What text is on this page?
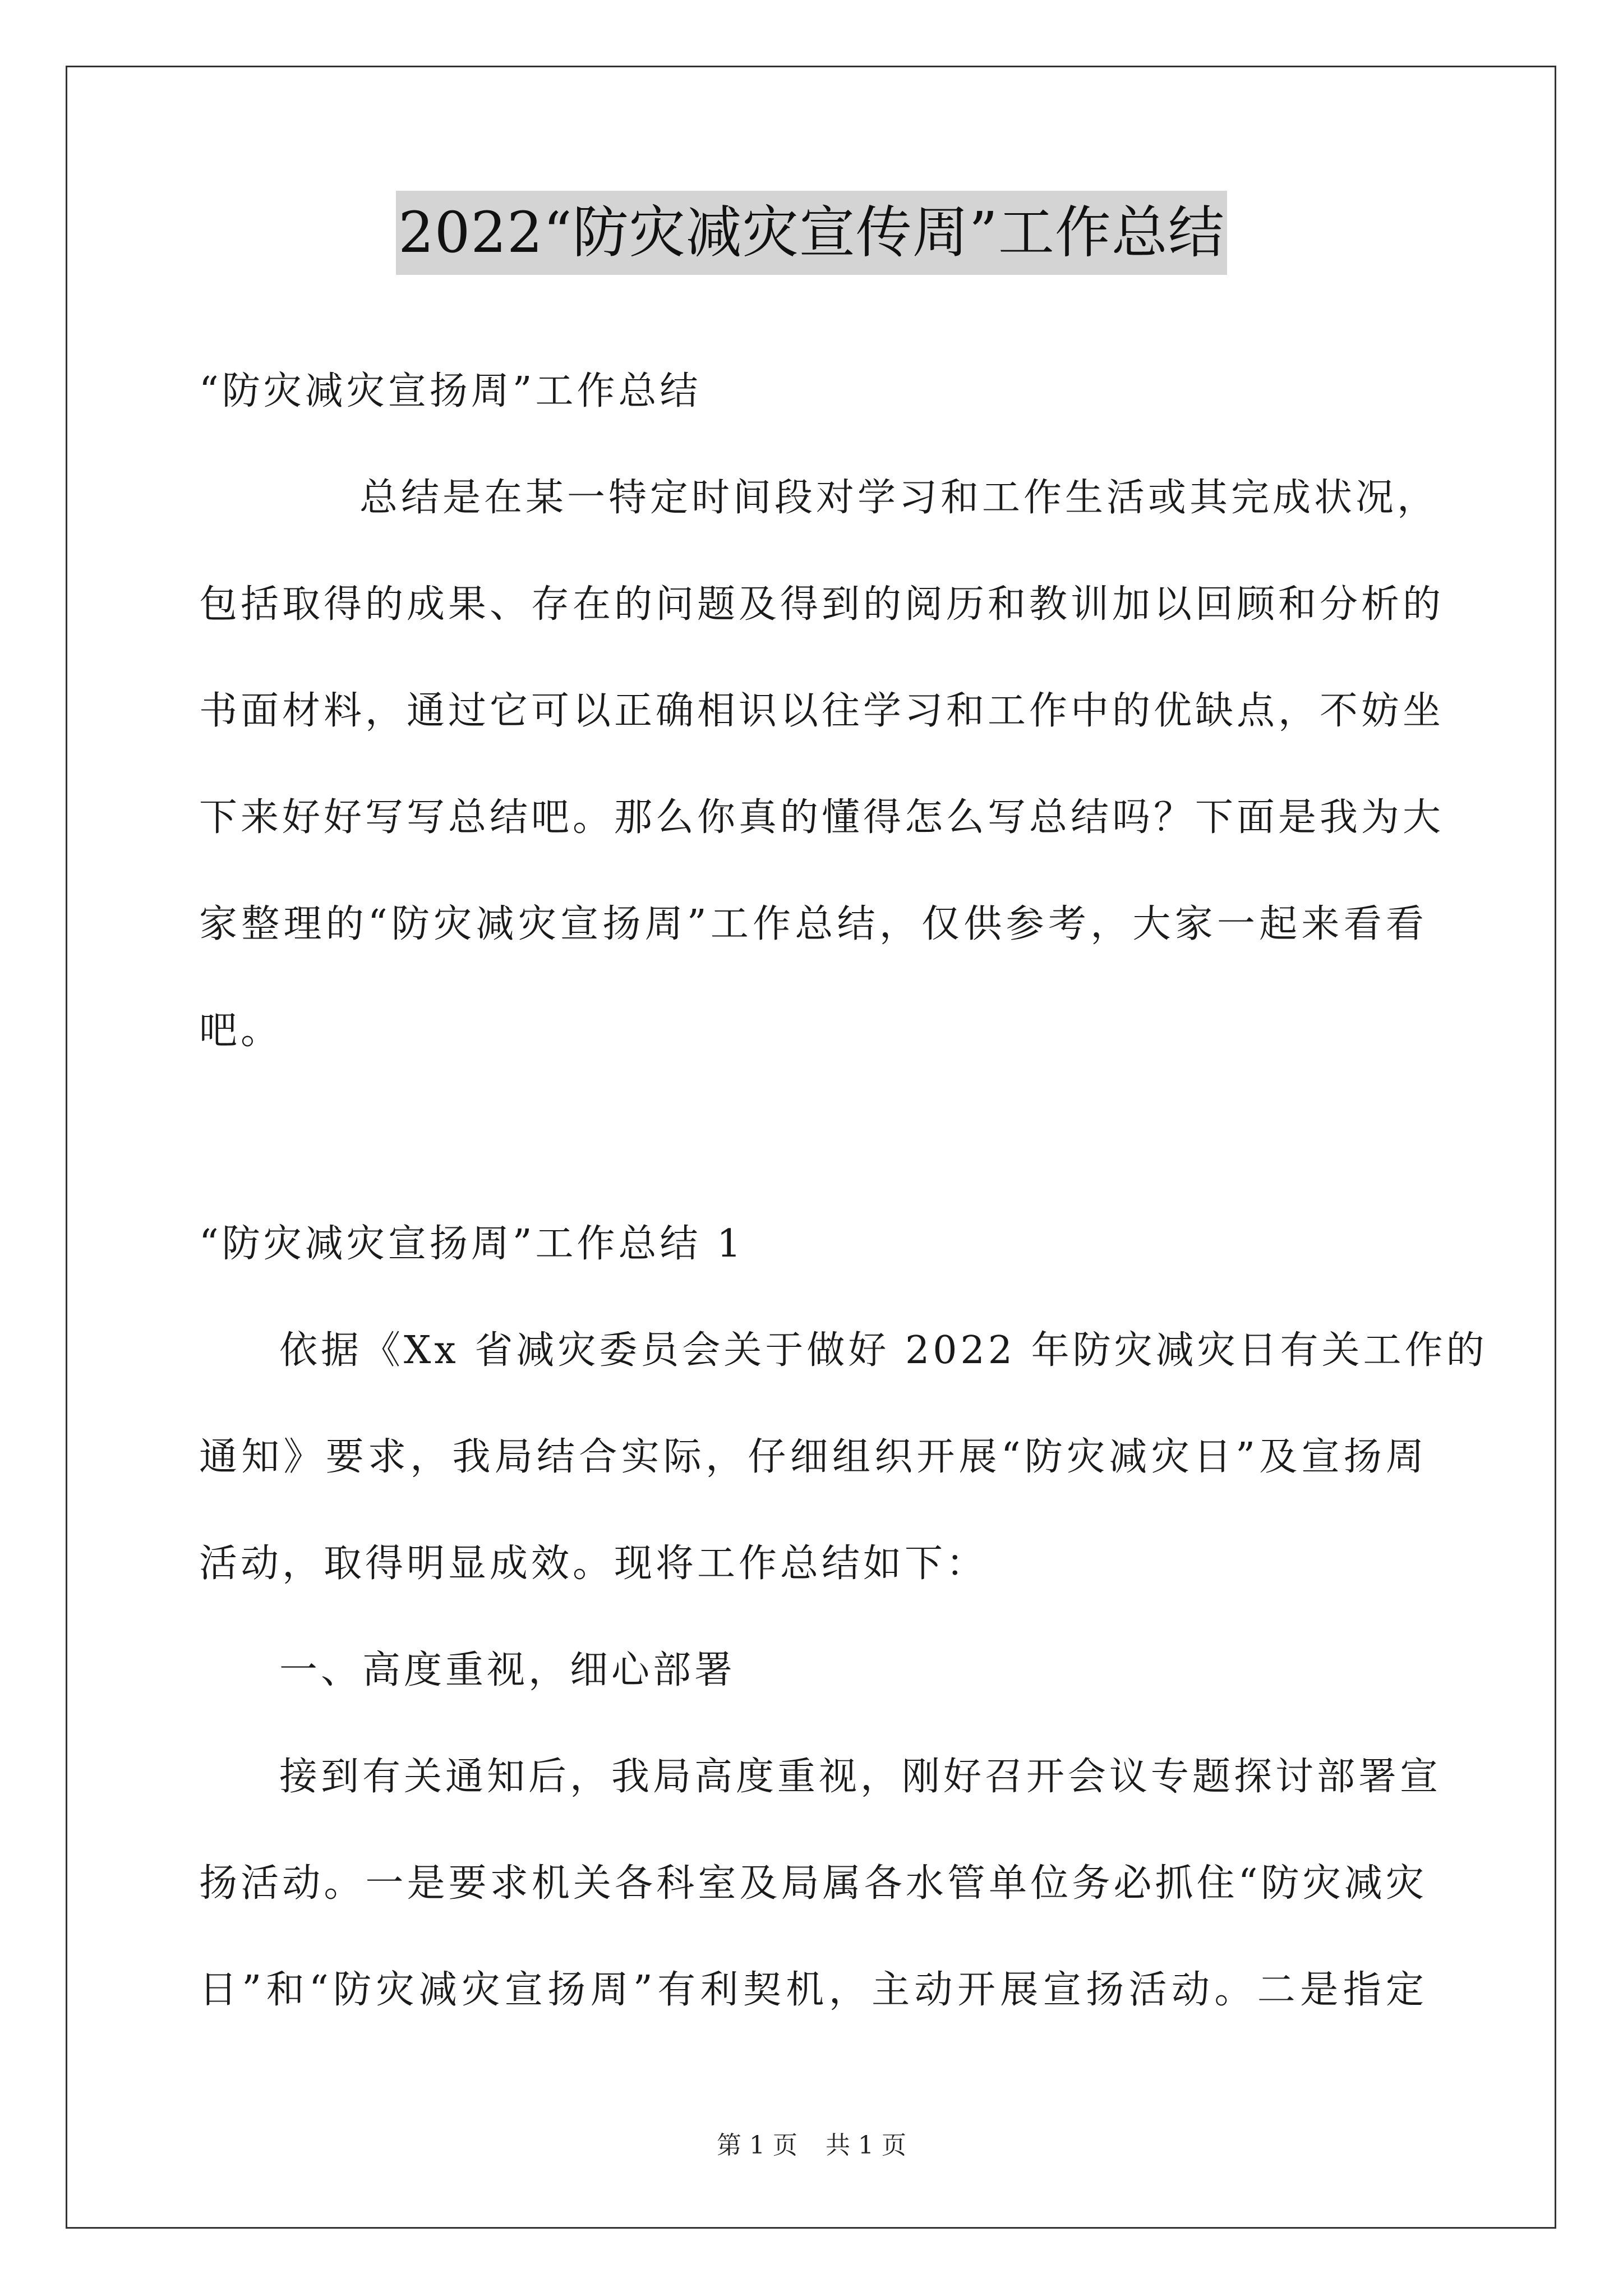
2022“防灾减灾宣传周”工作总结
“防灾减灾宣扬周”工作总结
总结是在某一特定时间段对学习和工作生活或其完成状况，
包括取得的成果、存在的问题及得到的阅历和教训加以回顾和分析的
书面材料，通过它可以正确相识以往学习和工作中的优缺点，不妨坐
下来好好写写总结吧。那么你真的懂得怎么写总结吗？下面是我为大
家整理的“防灾减灾宣扬周”工作总结，仅供参考，大家一起来看看
吧。
“防灾减灾宣扬周”工作总结 1
依据《Xx 省减灾委员会关于做好 2022 年防灾减灾日有关工作的
通知》要求，我局结合实际，仔细组织开展“防灾减灾日”及宣扬周
活动，取得明显成效。现将工作总结如下：
一、高度重视，细心部署
接到有关通知后，我局高度重视，刚好召开会议专题探讨部署宣
扬活动。一是要求机关各科室及局属各水管单位务必抓住“防灾减灾
日”和“防灾减灾宣扬周”有利契机，主动开展宣扬活动。二是指定
第 1 页 共 1 页
